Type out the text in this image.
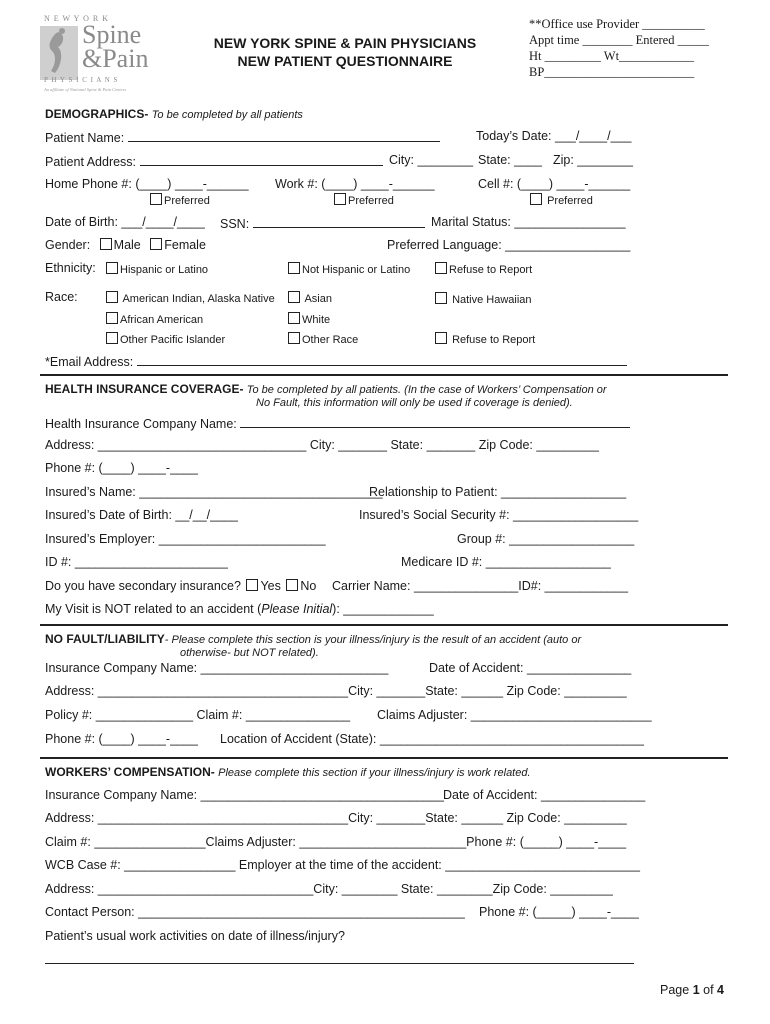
N E W Y O R K
Spine
&Pain
P H Y S I C I A N S
An affiliate of National Spine & Pain Centers
NEW YORK SPINE & PAIN PHYSICIANS
NEW PATIENT QUESTIONNAIRE
**Office use Provider __________
Appt time ________ Entered _____
Ht _________ Wt____________
BP________________________
DEMOGRAPHICS- To be completed by all patients
Patient Name:	Today’s Date: ___/____/___
Patient Address:	City: ________ State: ____ Zip: ________
Home Phone #: (____) ____-______ Work #: (____) ____-______	Cell #: (____) ____-______
Preferred	Preferred	Preferred
Date of Birth: ___/____/____ SSN:	Marital Status: ________________
Gender: Male Female	Preferred Language: __________________
Ethnicity:	Hispanic or Latino	Not Hispanic or Latino	Refuse to Report
Race:	American Indian, Alaska Native	Asian	Native Hawaiian
African American	White
Other Pacific Islander	Other Race	Refuse to Report
*Email Address:
HEALTH INSURANCE COVERAGE- To be completed by all patients. (In the case of Workers’ Compensation or
No Fault, this information will only be used if coverage is denied).
Health Insurance Company Name:
Address: ______________________________ City: _______ State: _______ Zip Code: _________
Phone #: (____) ____-____
Insured’s Name: ___________________________________
Relationship to Patient: __________________
Insured’s Date of Birth: __/__/____	Insured’s Social Security #: __________________
Insured’s Employer: ________________________	Group #: __________________
ID #: ______________________	Medicare ID #: __________________
Do you have secondary insurance? Yes No Carrier Name: _______________ID#: ____________
My Visit is NOT related to an accident (Please Initial): _____________
NO FAULT/LIABILITY- Please complete this section is your illness/injury is the result of an accident (auto or
otherwise- but NOT related).
Insurance Company Name: ___________________________	Date of Accident: _______________
Address: ____________________________________City: _______State: ______ Zip Code: _________
Policy #: ______________ Claim #: _______________ Claims Adjuster: __________________________
Phone #: (____) ____-____ Location of Accident (State): ______________________________________
WORKERS’ COMPENSATION- Please complete this section if your illness/injury is work related.
Insurance Company Name: ___________________________________ Date of Accident: _______________
Address: ____________________________________City: _______State: ______ Zip Code: _________
Claim #: ________________Claims Adjuster: ________________________Phone #: (_____) ____-____
WCB Case #: ________________ Employer at the time of the accident: ____________________________
Address: _______________________________City: ________ State: ________Zip Code: _________
Contact Person: _______________________________________________ Phone #: (_____) ____-____
Patient’s usual work activities on date of illness/injury?
Page 1 of 4
